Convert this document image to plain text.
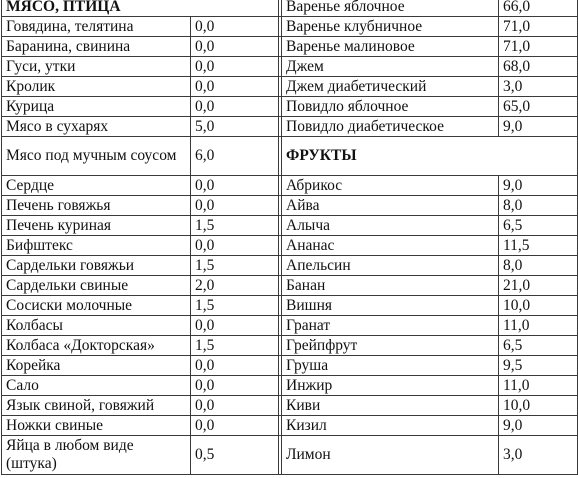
МЯСО, ПТИЦА			Варенье яблочное	66,0
Говядина, телятина	0,0		Варенье клубничное	71,0
Баранина, свинина	0,0		Варенье малиновое	71,0
Гуси, утки	0,0		Джем	68,0
Кролик	0,0		Джем диабетический	3,0
Курица	0,0		Повидло яблочное	65,0
Мясо в сухарях	5,0		Повидло диабетическое	9,0
Мясо под мучным соусом	6,0		ФРУКТЫ	
Сердце	0,0		Абрикос	9,0
Печень говяжья	0,0		Айва	8,0
Печень куриная	1,5		Алыча	6,5
Бифштекс	0,0		Ананас	11,5
Сардельки говяжьи	1,5		Апельсин	8,0
Сардельки свиные	2,0		Банан	21,0
Сосиски молочные	1,5		Вишня	10,0
Колбасы	0,0		Гранат	11,0
Колбаса «Докторская»	1,5		Грейпфрут	6,5
Корейка	0,0		Груша	9,5
Сало	0,0		Инжир	11,0
Язык свиной, говяжий	0,0		Киви	10,0
Ножки свиные	0,0		Кизил	9,0
Яйца в любом виде (штука)	0,5		Лимон	3,0
